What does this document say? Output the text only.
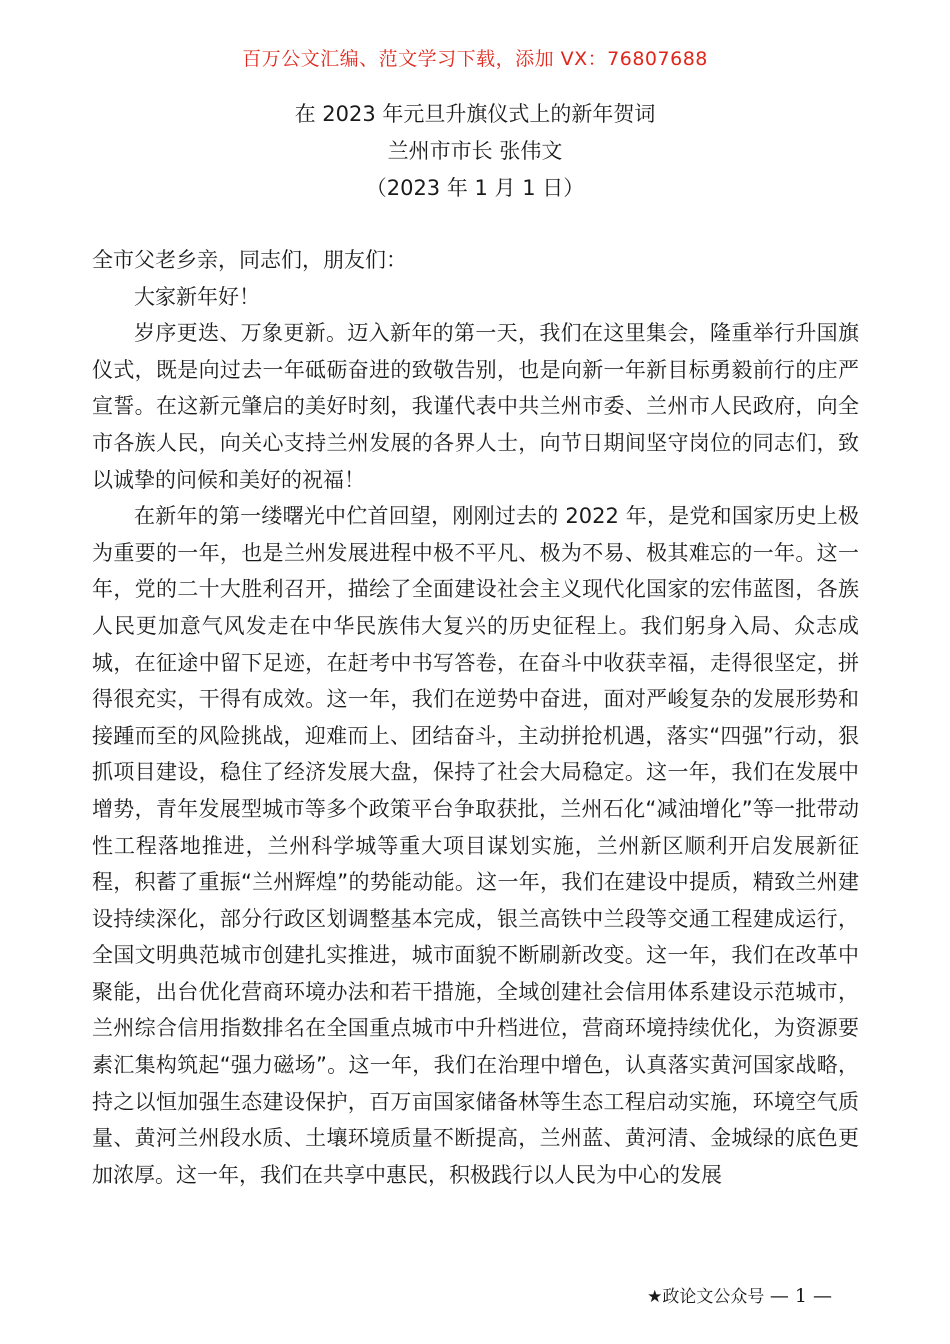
百万公文汇编、范文学习下载，添加 VX：76807688
在 2023 年元旦升旗仪式上的新年贺词
兰州市市长 张伟文
（2023 年 1 月 1 日）

全市父老乡亲，同志们，朋友们：

大家新年好！

岁序更迭、万象更新。迈入新年的第一天，我们在这里集会，隆重举行升国旗仪式，既是向过去一年砥砺奋进的致敬告别，也是向新一年新目标勇毅前行的庄严宣誓。在这新元肇启的美好时刻，我谨代表中共兰州市委、兰州市人民政府，向全市各族人民，向关心支持兰州发展的各界人士，向节日期间坚守岗位的同志们，致以诚挚的问候和美好的祝福！

在新年的第一缕曙光中伫首回望，刚刚过去的 2022 年，是党和国家历史上极为重要的一年，也是兰州发展进程中极不平凡、极为不易、极其难忘的一年。这一年，党的二十大胜利召开，描绘了全面建设社会主义现代化国家的宏伟蓝图，各族人民更加意气风发走在中华民族伟大复兴的历史征程上。我们躬身入局、众志成城，在征途中留下足迹，在赶考中书写答卷，在奋斗中收获幸福，走得很坚定，拼得很充实，干得有成效。这一年，我们在逆势中奋进，面对严峻复杂的发展形势和接踵而至的风险挑战，迎难而上、团结奋斗，主动拼抢机遇，落实“四强”行动，狠抓项目建设，稳住了经济发展大盘，保持了社会大局稳定。这一年，我们在发展中增势，青年发展型城市等多个政策平台争取获批，兰州石化“减油增化”等一批带动性工程落地推进，兰州科学城等重大项目谋划实施，兰州新区顺利开启发展新征程，积蓄了重振“兰州辉煌”的势能动能。这一年，我们在建设中提质，精致兰州建设持续深化，部分行政区划调整基本完成，银兰高铁中兰段等交通工程建成运行，全国文明典范城市创建扎实推进，城市面貌不断刷新改变。这一年，我们在改革中聚能，出台优化营商环境办法和若干措施，全域创建社会信用体系建设示范城市，兰州综合信用指数排名在全国重点城市中升档进位，营商环境持续优化，为资源要素汇集构筑起“强力磁场”。这一年，我们在治理中增色，认真落实黄河国家战略，持之以恒加强生态建设保护，百万亩国家储备林等生态工程启动实施，环境空气质量、黄河兰州段水质、土壤环境质量不断提高，兰州蓝、黄河清、金城绿的底色更加浓厚。这一年，我们在共享中惠民，积极践行以人民为中心的发展

★政论文公众号 — 1 —
